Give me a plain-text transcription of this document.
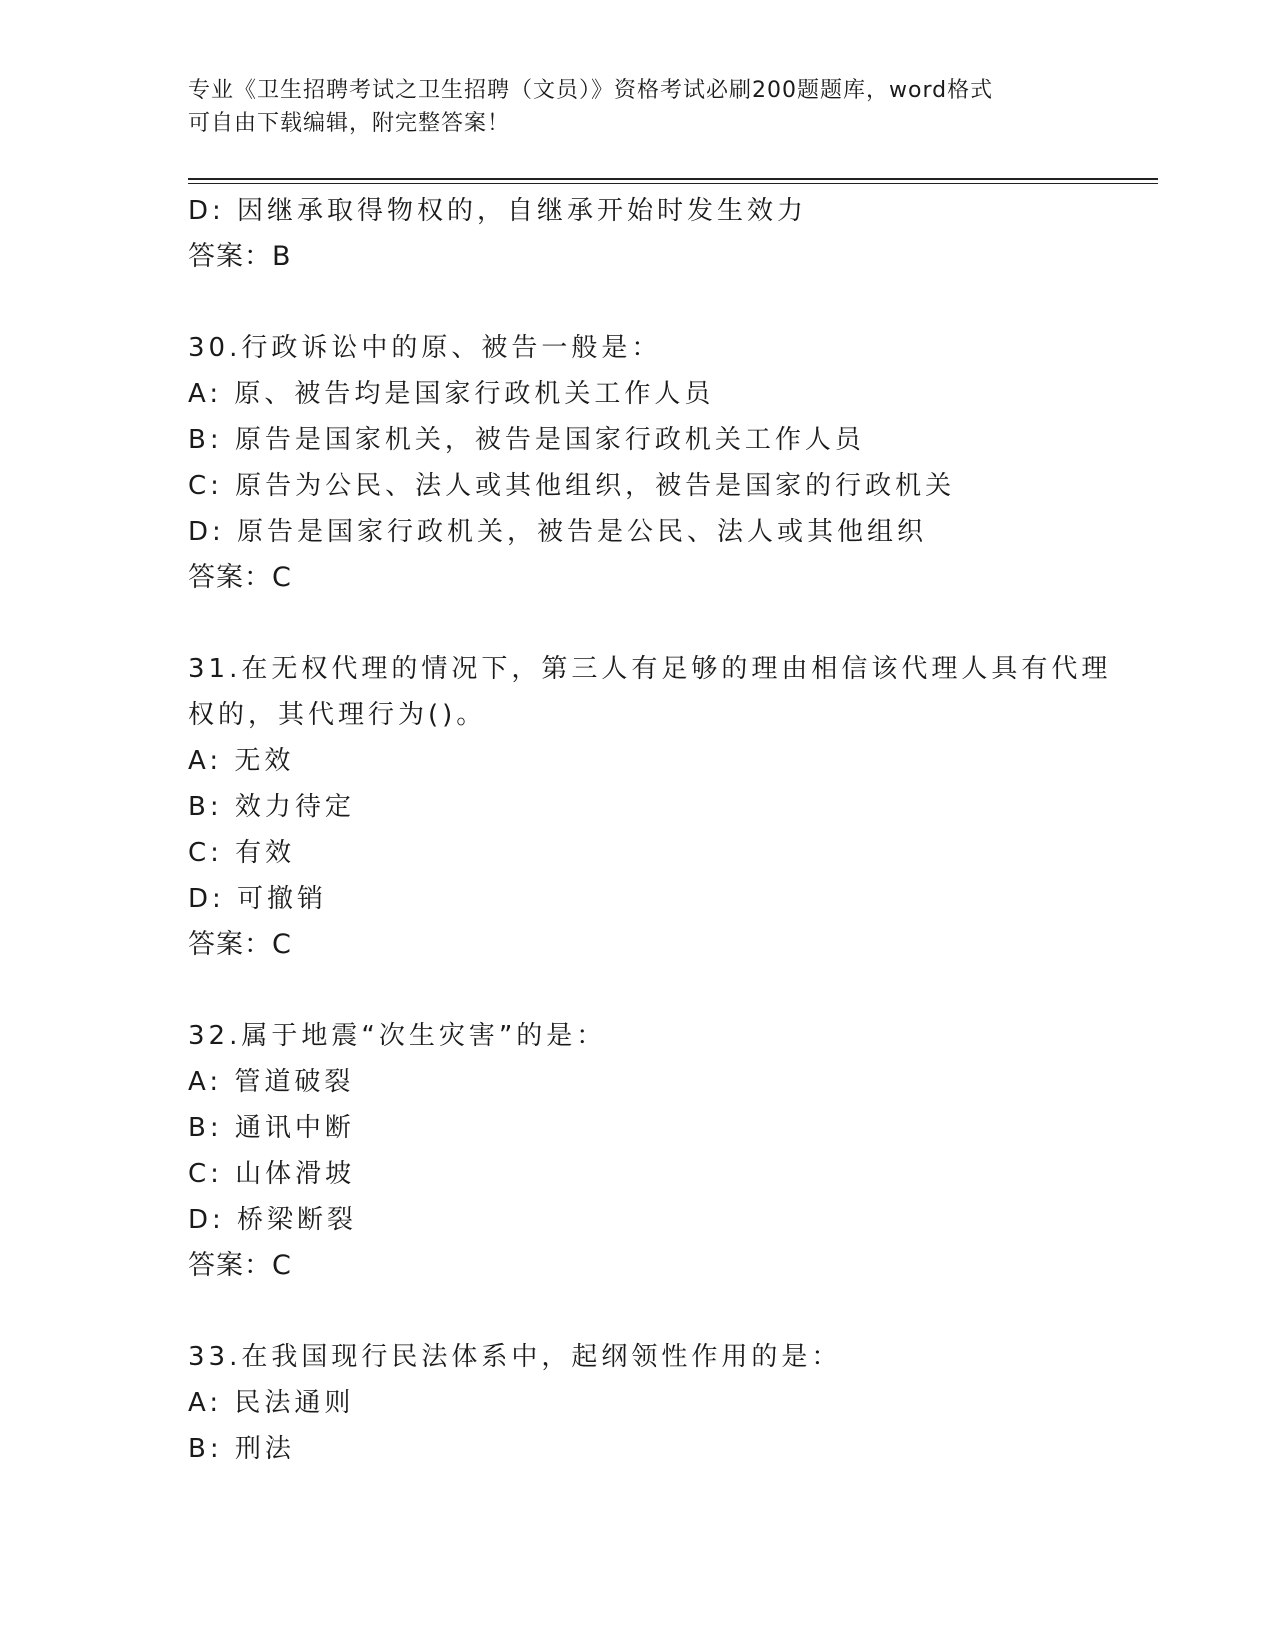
专业《卫生招聘考试之卫生招聘（文员）》资格考试必刷200题题库，word格式
可自由下载编辑，附完整答案！

D: 因继承取得物权的，自继承开始时发生效力

答案：B

30.行政诉讼中的原、被告一般是：

A: 原、被告均是国家行政机关工作人员

B: 原告是国家机关，被告是国家行政机关工作人员

C: 原告为公民、法人或其他组织，被告是国家的行政机关

D: 原告是国家行政机关，被告是公民、法人或其他组织

答案：C

31.在无权代理的情况下，第三人有足够的理由相信该代理人具有代理

权的，其代理行为()。

A: 无效

B: 效力待定

C: 有效

D: 可撤销

答案：C

32.属于地震“次生灾害”的是：

A: 管道破裂

B: 通讯中断

C: 山体滑坡

D: 桥梁断裂

答案：C

33.在我国现行民法体系中，起纲领性作用的是：

A: 民法通则

B: 刑法
